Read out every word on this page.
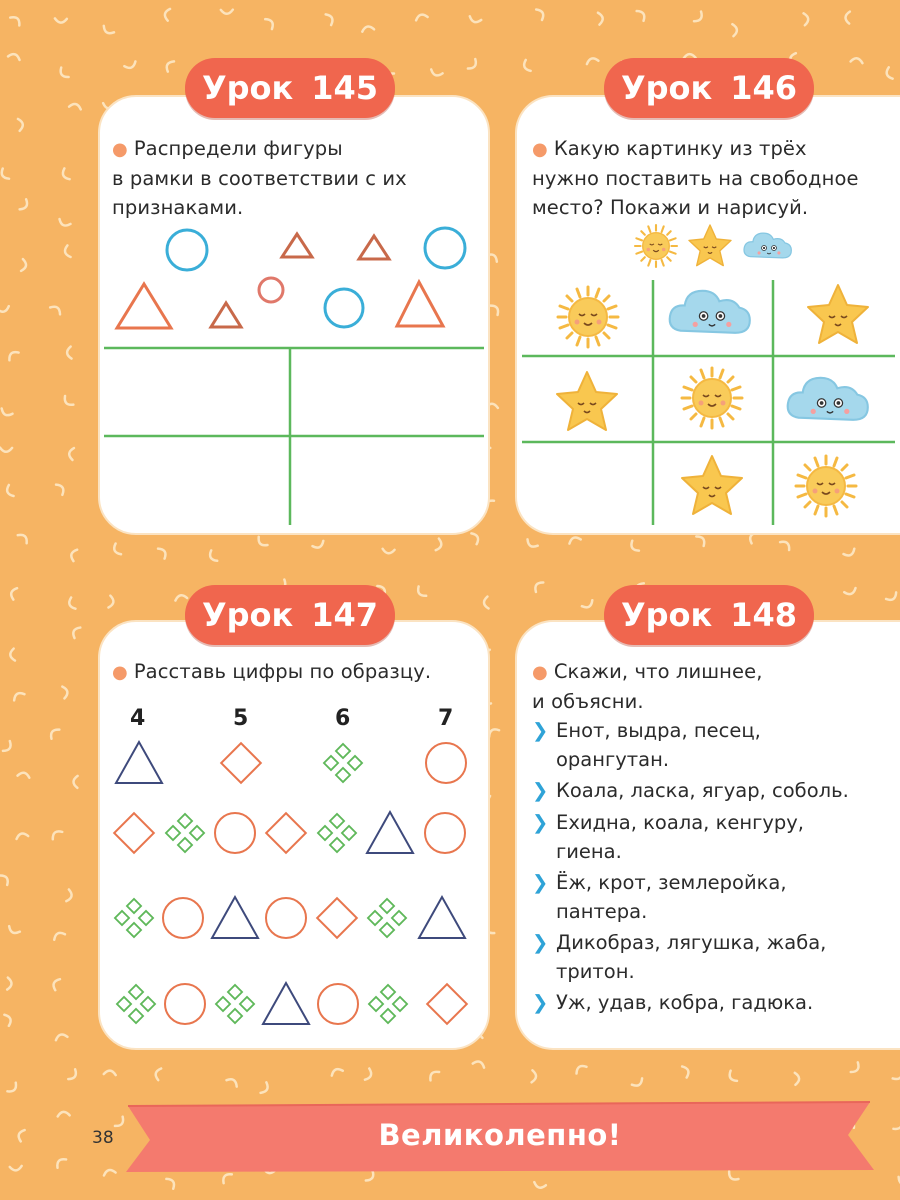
Урок 145
● Распредели фигуры
в рамки в соответствии с их
признаками.
Урок 146
● Какую картинку из трёх
нужно поставить на свободное
место? Покажи и нарисуй.
Урок 147
● Расставь цифры по образцу.
4	5	6	7
Урок 148
● Скажи, что лишнее,
и объясни.
❯ Енот, выдра, песец,
орангутан.
❯ Коала, ласка, ягуар, соболь.
❯ Ехидна, коала, кенгуру,
гиена.
❯ Ёж, крот, землеройка,
пантера.
❯ Дикобраз, лягушка, жаба,
тритон.
❯ Уж, удав, кобра, гадюка.
Великолепно!
38
